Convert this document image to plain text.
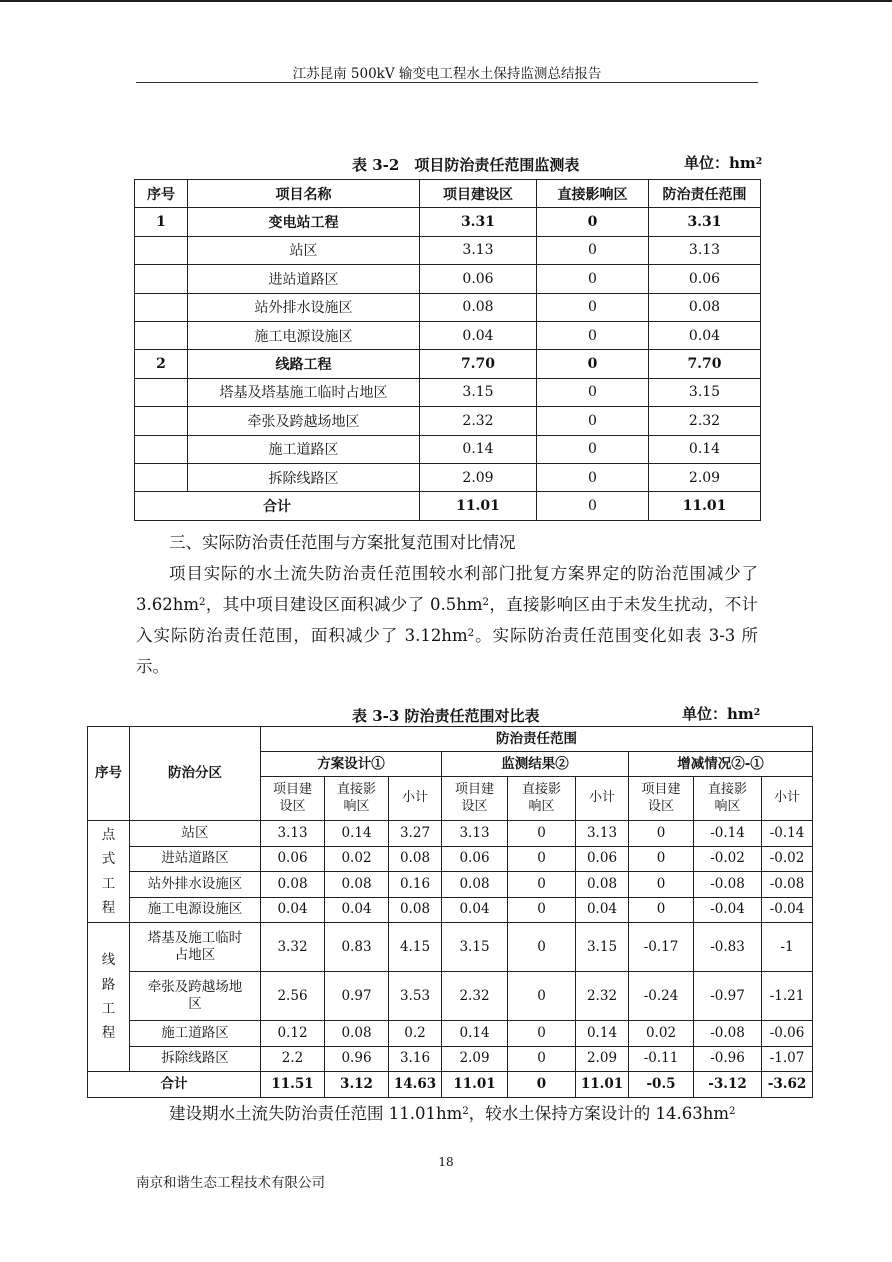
江苏昆南 500kV 输变电工程水土保持监测总结报告
表 3-2　项目防治责任范围监测表	单位：$hm^2$
序号	项目名称	项目建设区	直接影响区	防治责任范围
1	变电站工程	3.31	0	3.31
	站区	3.13	0	3.13
	进站道路区	0.06	0	0.06
	站外排水设施区	0.08	0	0.08
	施工电源设施区	0.04	0	0.04
2	线路工程	7.70	0	7.70
	塔基及塔基施工临时占地区	3.15	0	3.15
	牵张及跨越场地区	2.32	0	2.32
	施工道路区	0.14	0	0.14
	拆除线路区	2.09	0	2.09
合计		11.01	0	11.01

三、实际防治责任范围与方案批复范围对比情况

项目实际的水土流失防治责任范围较水利部门批复方案界定的防治范围减少了 $3.62hm^2$，其中项目建设区面积减少了 $0.5hm^2$，直接影响区由于未发生扰动，不计入实际防治责任范围，面积减少了 $3.12hm^2$。实际防治责任范围变化如表 3-3 所示。

表 3-3 防治责任范围对比表	单位：$hm^2$
序号	防治分区	防治责任范围								
		方案设计①			监测结果②			增减情况②-①		
		项目建设区	直接影响区	小计	项目建设区	直接影响区	小计	项目建设区	直接影响区	小计
点式工程	站区	3.13	0.14	3.27	3.13	0	3.13	0	-0.14	-0.14
	进站道路区	0.06	0.02	0.08	0.06	0	0.06	0	-0.02	-0.02
	站外排水设施区	0.08	0.08	0.16	0.08	0	0.08	0	-0.08	-0.08
	施工电源设施区	0.04	0.04	0.08	0.04	0	0.04	0	-0.04	-0.04
线路工程	塔基及施工临时占地区	3.32	0.83	4.15	3.15	0	3.15	-0.17	-0.83	-1
	牵张及跨越场地区	2.56	0.97	3.53	2.32	0	2.32	-0.24	-0.97	-1.21
	施工道路区	0.12	0.08	0.2	0.14	0	0.14	0.02	-0.08	-0.06
	拆除线路区	2.2	0.96	3.16	2.09	0	2.09	-0.11	-0.96	-1.07
合计		11.51	3.12	14.63	11.01	0	11.01	-0.5	-3.12	-3.62

建设期水土流失防治责任范围 $11.01hm^2$，较水土保持方案设计的 $14.63hm^2$

18
南京和谐生态工程技术有限公司
